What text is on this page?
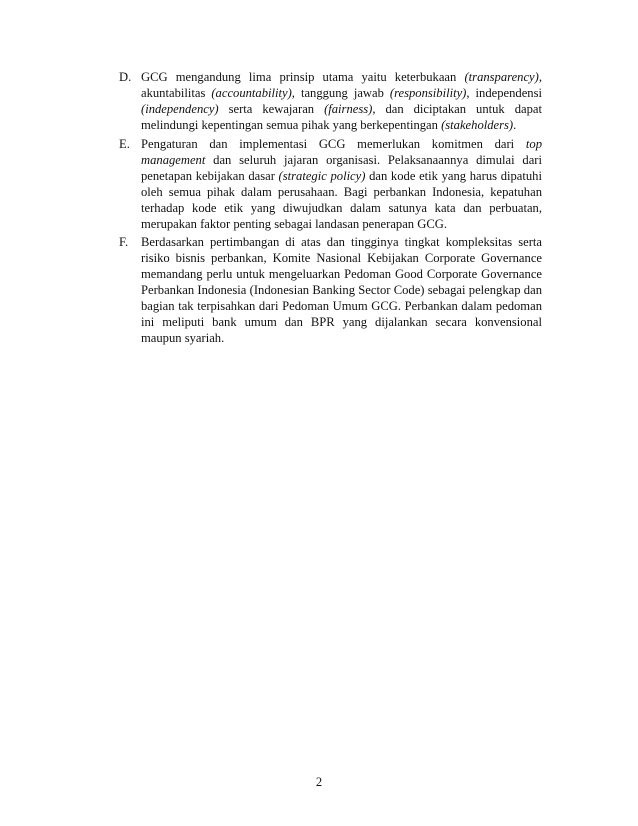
D. GCG mengandung lima prinsip utama yaitu keterbukaan (transparency), akuntabilitas (accountability), tanggung jawab (responsibility), independensi (independency) serta kewajaran (fairness), dan diciptakan untuk dapat melindungi kepentingan semua pihak yang berkepentingan (stakeholders).
E. Pengaturan dan implementasi GCG memerlukan komitmen dari top management dan seluruh jajaran organisasi. Pelaksanaannya dimulai dari penetapan kebijakan dasar (strategic policy) dan kode etik yang harus dipatuhi oleh semua pihak dalam perusahaan. Bagi perbankan Indonesia, kepatuhan terhadap kode etik yang diwujudkan dalam satunya kata dan perbuatan, merupakan faktor penting sebagai landasan penerapan GCG.
F.	Berdasarkan pertimbangan di atas dan tingginya tingkat kompleksitas serta risiko bisnis perbankan, Komite Nasional Kebijakan Corporate Governance memandang perlu untuk mengeluarkan Pedoman Good Corporate Governance Perbankan Indonesia (Indonesian Banking Sector Code) sebagai pelengkap dan bagian tak terpisahkan dari Pedoman Umum GCG. Perbankan dalam pedoman ini meliputi bank umum dan BPR yang dijalankan secara konvensional maupun syariah.
2
